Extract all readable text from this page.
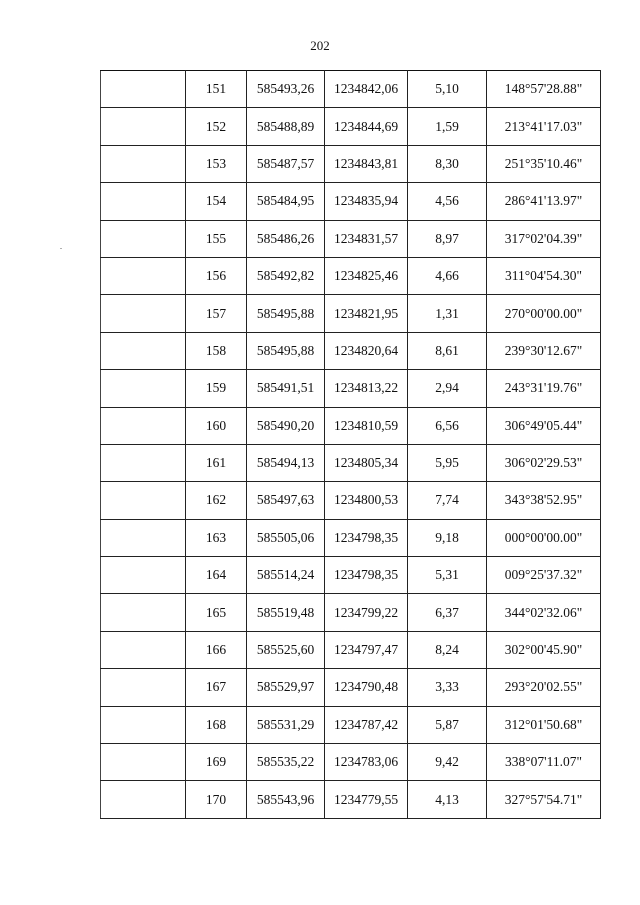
202
	151	585493,26	1234842,06	5,10	148°57'28.88"
	152	585488,89	1234844,69	1,59	213°41'17.03"
	153	585487,57	1234843,81	8,30	251°35'10.46"
	154	585484,95	1234835,94	4,56	286°41'13.97"
	155	585486,26	1234831,57	8,97	317°02'04.39"
	156	585492,82	1234825,46	4,66	311°04'54.30"
	157	585495,88	1234821,95	1,31	270°00'00.00"
	158	585495,88	1234820,64	8,61	239°30'12.67"
	159	585491,51	1234813,22	2,94	243°31'19.76"
	160	585490,20	1234810,59	6,56	306°49'05.44"
	161	585494,13	1234805,34	5,95	306°02'29.53"
	162	585497,63	1234800,53	7,74	343°38'52.95"
	163	585505,06	1234798,35	9,18	000°00'00.00"
	164	585514,24	1234798,35	5,31	009°25'37.32"
	165	585519,48	1234799,22	6,37	344°02'32.06"
	166	585525,60	1234797,47	8,24	302°00'45.90"
	167	585529,97	1234790,48	3,33	293°20'02.55"
	168	585531,29	1234787,42	5,87	312°01'50.68"
	169	585535,22	1234783,06	9,42	338°07'11.07"
	170	585543,96	1234779,55	4,13	327°57'54.71"
